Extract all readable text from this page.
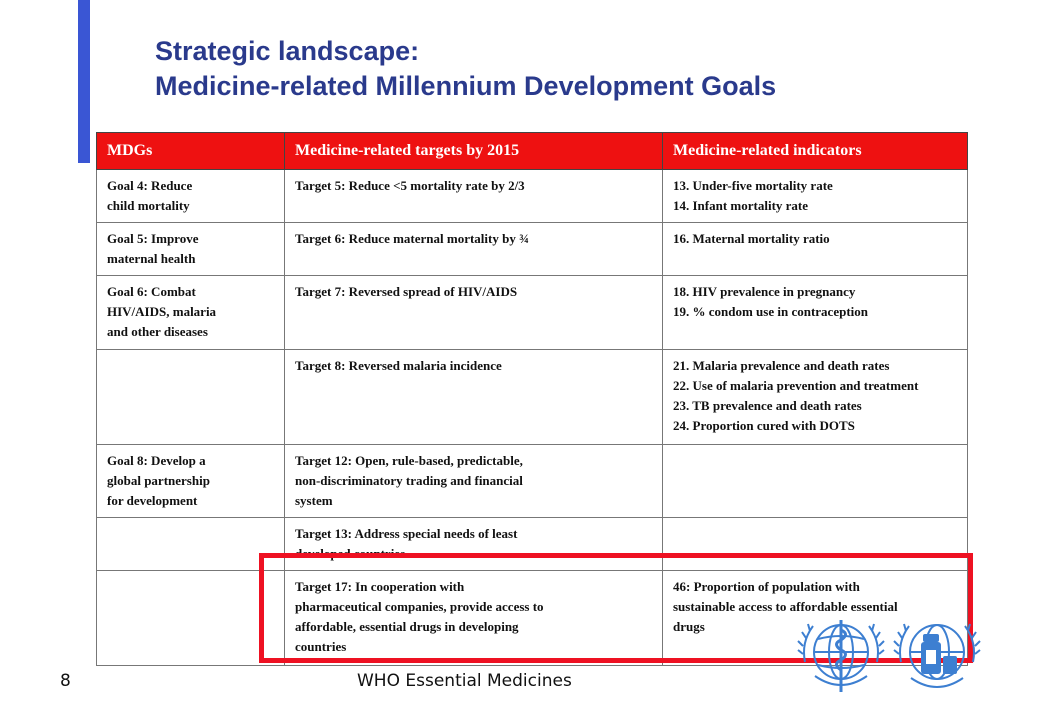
Strategic landscape:
Medicine-related Millennium Development Goals
MDGs	Medicine-related targets by 2015	Medicine-related indicators

Goal 4: Reduce
child mortality	Target 5: Reduce <5 mortality rate by 2/3	13. Under-five mortality rate
14. Infant mortality rate

Goal 5: Improve
maternal health	Target 6: Reduce maternal mortality by ¾	16. Maternal mortality ratio

Goal 6: Combat
HIV/AIDS, malaria
and other diseases	Target 7: Reversed spread of HIV/AIDS	18. HIV prevalence in pregnancy
19. % condom use in contraception

	Target 8: Reversed malaria incidence	21. Malaria prevalence and death rates
22. Use of malaria prevention and treatment
23. TB prevalence and death rates
24. Proportion cured with DOTS

Goal 8: Develop a
global partnership
for development	Target 12: Open, rule-based, predictable,
non-discriminatory trading and financial
system	

	Target 13: Address special needs of least
developed countries	

	Target 17: In cooperation with
pharmaceutical companies, provide access to
affordable, essential drugs in developing
countries	46: Proportion of population with
sustainable access to affordable essential
drugs
8	WHO Essential Medicines
